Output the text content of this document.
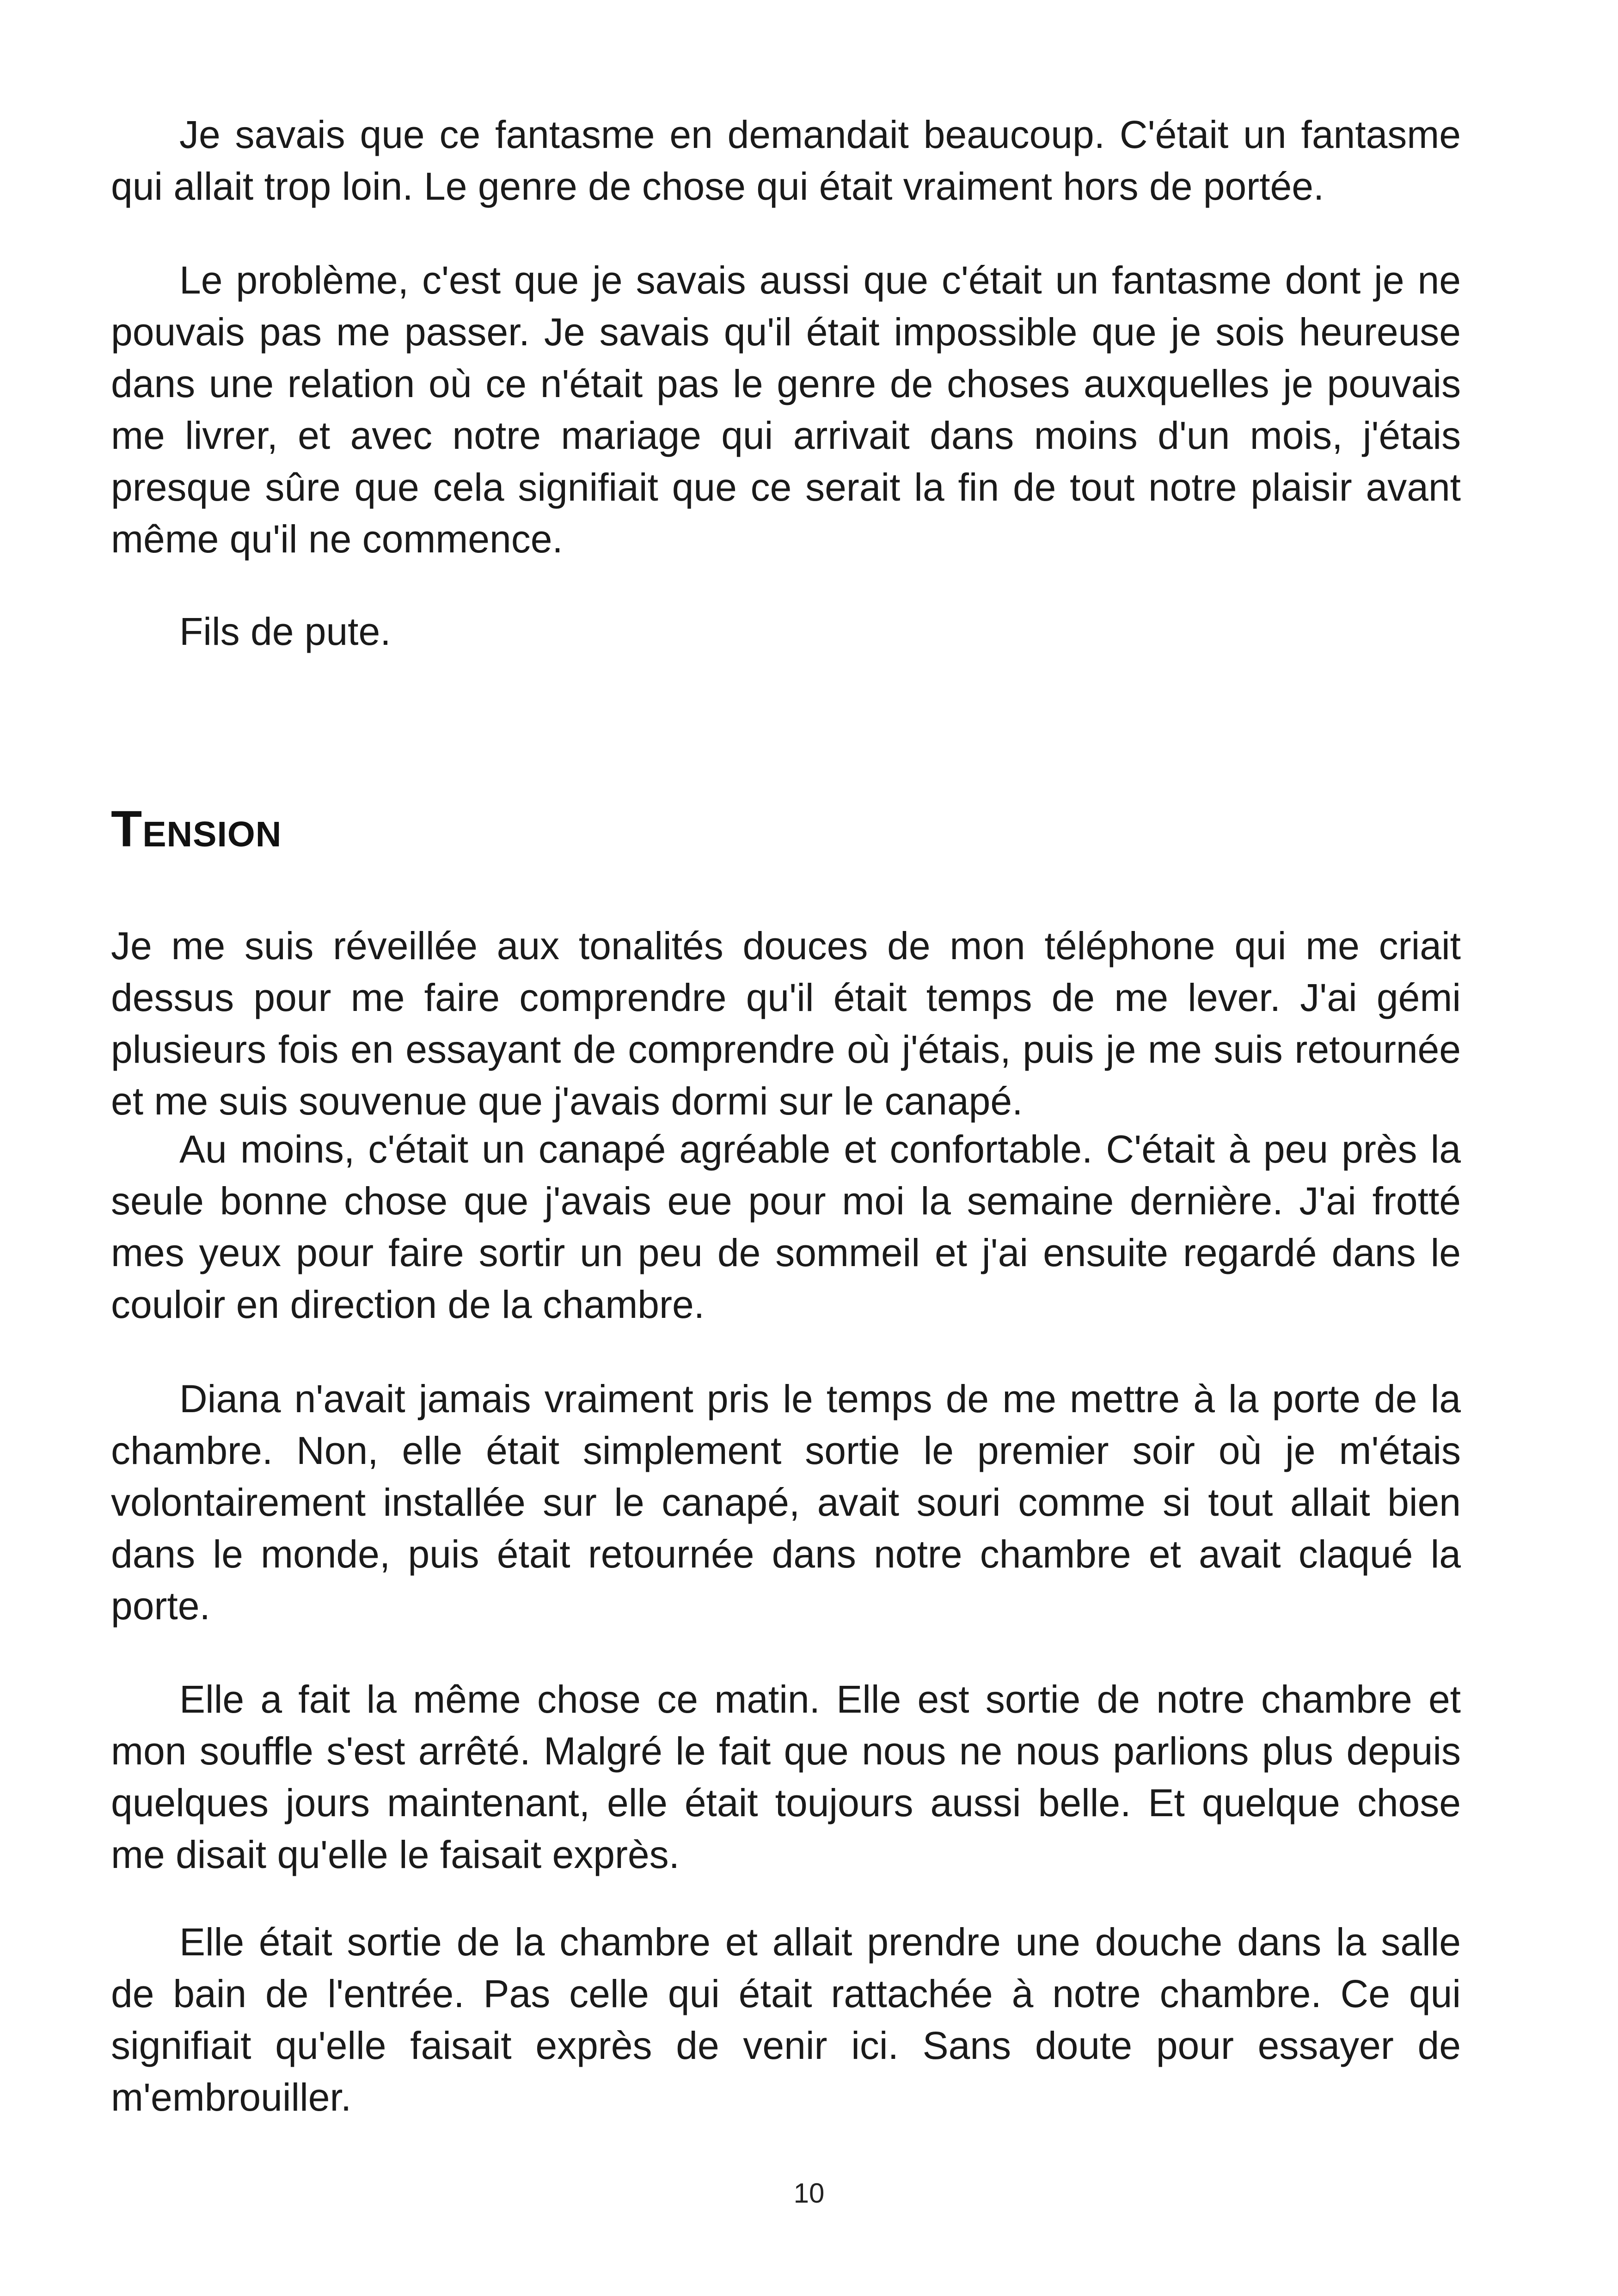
Je savais que ce fantasme en demandait beaucoup. C'était un fantasme qui allait trop loin. Le genre de chose qui était vraiment hors de portée.

Le problème, c'est que je savais aussi que c'était un fantasme dont je ne pouvais pas me passer. Je savais qu'il était impossible que je sois heureuse dans une relation où ce n'était pas le genre de choses auxquelles je pouvais me livrer, et avec notre mariage qui arrivait dans moins d'un mois, j'étais presque sûre que cela signifiait que ce serait la fin de tout notre plaisir avant même qu'il ne commence.

Fils de pute.

Tension

Je me suis réveillée aux tonalités douces de mon téléphone qui me criait dessus pour me faire comprendre qu'il était temps de me lever. J'ai gémi plusieurs fois en essayant de comprendre où j'étais, puis je me suis retournée et me suis souvenue que j'avais dormi sur le canapé.

Au moins, c'était un canapé agréable et confortable. C'était à peu près la seule bonne chose que j'avais eue pour moi la semaine dernière. J'ai frotté mes yeux pour faire sortir un peu de sommeil et j'ai ensuite regardé dans le couloir en direction de la chambre.

Diana n'avait jamais vraiment pris le temps de me mettre à la porte de la chambre. Non, elle était simplement sortie le premier soir où je m'étais volontairement installée sur le canapé, avait souri comme si tout allait bien dans le monde, puis était retournée dans notre chambre et avait claqué la porte.

Elle a fait la même chose ce matin. Elle est sortie de notre chambre et mon souffle s'est arrêté. Malgré le fait que nous ne nous parlions plus depuis quelques jours maintenant, elle était toujours aussi belle. Et quelque chose me disait qu'elle le faisait exprès.

Elle était sortie de la chambre et allait prendre une douche dans la salle de bain de l'entrée. Pas celle qui était rattachée à notre chambre. Ce qui signifiait qu'elle faisait exprès de venir ici. Sans doute pour essayer de m'embrouiller.

10
